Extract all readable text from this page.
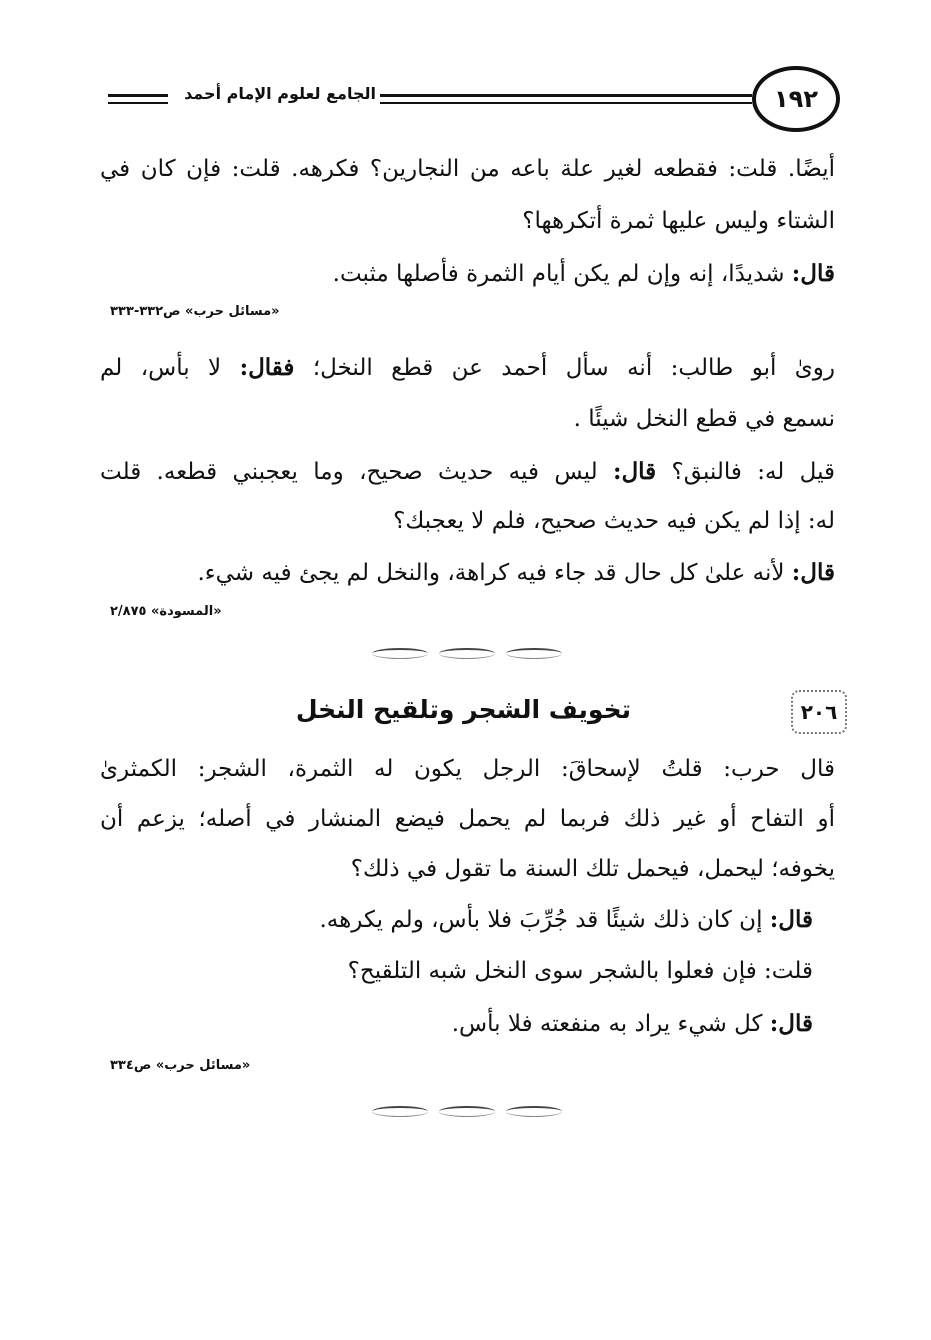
١٩٢
الجامع لعلوم الإمام أحمد
أيضًا. قلت: فقطعه لغير علة باعه من النجارين؟ فكرهه. قلت: فإن كان في
الشتاء وليس عليها ثمرة أتكرهها؟
قال: شديدًا، إنه وإن لم يكن أيام الثمرة فأصلها مثبت.
«مسائل حرب» ص٣٣٢-٣٣٣
رویٰ أبو طالب: أنه سأل أحمد عن قطع النخل؛ فقال: لا بأس، لم
نسمع في قطع النخل شيئًا .
قيل له: فالنبق؟ قال: ليس فيه حديث صحيح، وما يعجبني قطعه. قلت
له: إذا لم يكن فيه حديث صحيح، فلم لا يعجبك؟
قال: لأنه علىٰ كل حال قد جاء فيه كراهة، والنخل لم يجئ فيه شيء.
«المسودة» ٢/٨٧٥
٢٠٦
تخويف الشجر وتلقيح النخل
قال حرب: قلتُ لإسحاقَ: الرجل يكون له الثمرة، الشجر: الكمثرىٰ
أو التفاح أو غير ذلك فربما لم يحمل فيضع المنشار في أصله؛ يزعم أن
يخوفه؛ ليحمل، فيحمل تلك السنة ما تقول في ذلك؟
قال: إن كان ذلك شيئًا قد جُرِّبَ فلا بأس، ولم يكرهه.
قلت: فإن فعلوا بالشجر سوى النخل شبه التلقيح؟
قال: كل شيء يراد به منفعته فلا بأس.
«مسائل حرب» ص٣٣٤
